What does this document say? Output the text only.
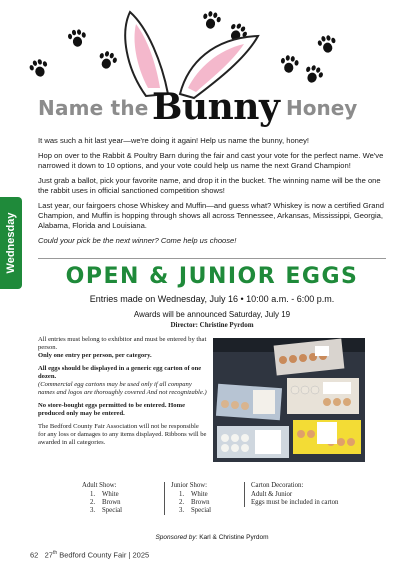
Name the Bunny Honey

It was such a hit last year—we're doing it again! Help us name the bunny, honey!

Hop on over to the Rabbit & Poultry Barn during the fair and cast your vote for the perfect name. We've narrowed it down to 10 options, and your vote could help us name the next Grand Champion!

Just grab a ballot, pick your favorite name, and drop it in the bucket. The winning name will be the one the rabbit uses in official sanctioned competition shows!

Last year, our fairgoers chose Whiskey and Muffin—and guess what? Whiskey is now a certified Grand Champion, and Muffin is hopping through shows all across Tennessee, Arkansas, Mississippi, Georgia, Alabama, Florida and Louisiana.

Could your pick be the next winner? Come help us choose!

Wednesday
OPEN & JUNIOR EGGS
Entries made on Wednesday, July 16 • 10:00 a.m. - 6:00 p.m.
Awards will be announced Saturday, July 19
Director: Christine Pyrdom

All entries must belong to exhibitor and must be entered by that person.
Only one entry per person, per category.

All eggs should be displayed in a generic egg carton of one dozen.
(Commercial egg cartons may be used only if all company names and logos are thoroughly covered And not recognizable.)

No store-bought eggs permitted to be entered. Home produced only may be entered.

The Bedford County Fair Association will not be responsible for any loss or damages to any items displayed. Ribbons will be awarded in all categories.

Adult Show:
1. White
2. Brown
3. Special
Junior Show:
1. White
2. Brown
3. Special
Carton Decoration:
Adult & Junior
Eggs must be included in carton
Sponsored by: Karl & Christine Pyrdom
62 27th Bedford County Fair | 2025
